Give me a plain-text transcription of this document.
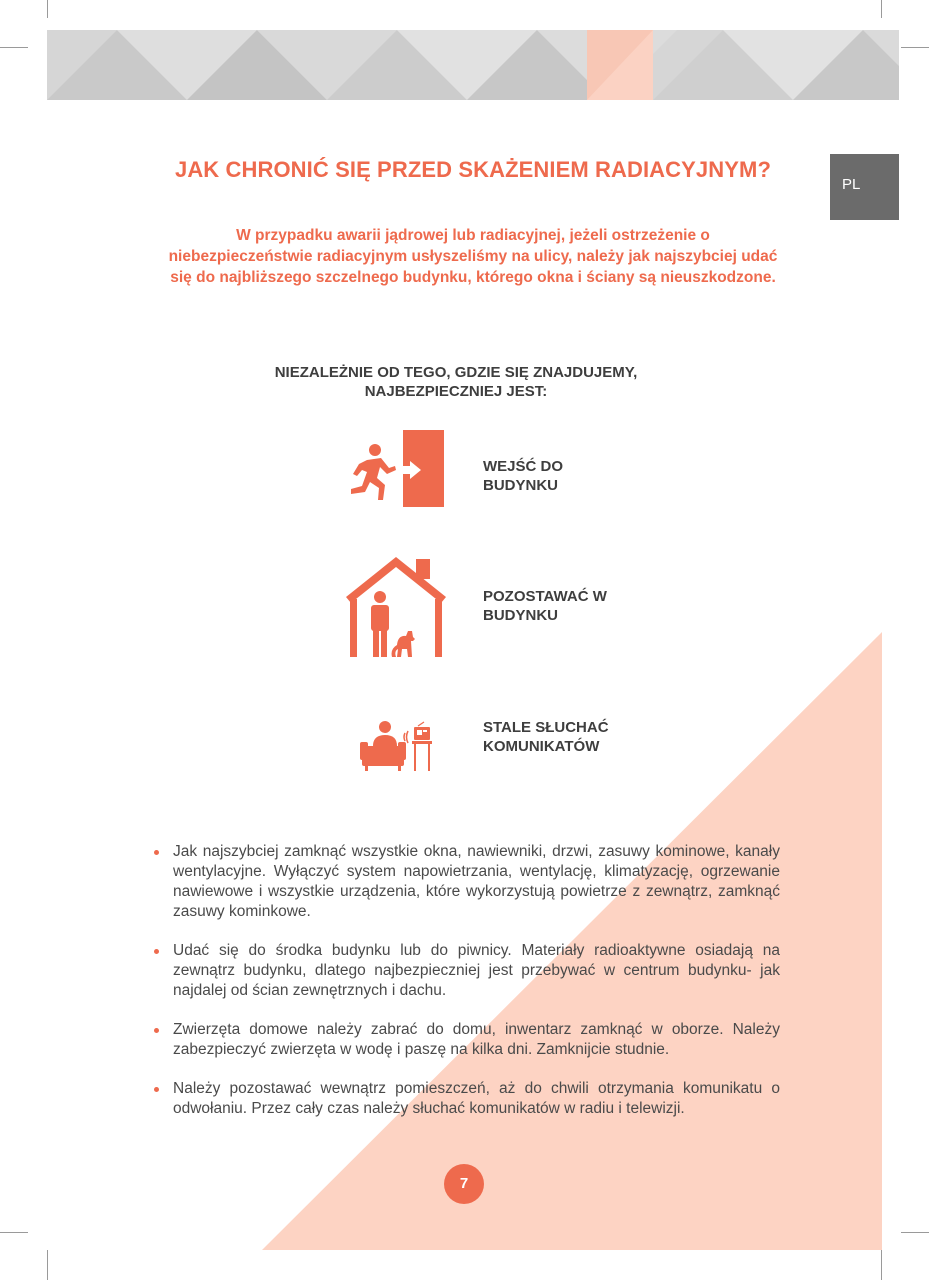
PL
JAK CHRONIĆ SIĘ PRZED SKAŻENIEM RADIACYJNYM?
W przypadku awarii jądrowej lub radiacyjnej, jeżeli ostrzeżenie o
niebezpieczeństwie radiacyjnym usłyszeliśmy na ulicy, należy jak najszybciej udać
się do najbliższego szczelnego budynku, którego okna i ściany są nieuszkodzone.
NIEZALEŻNIE OD TEGO, GDZIE SIĘ ZNAJDUJEMY,
NAJBEZPIECZNIEJ JEST:
WEJŚĆ DO
BUDYNKU
POZOSTAWAĆ W
BUDYNKU
STALE SŁUCHAĆ
KOMUNIKATÓW
Jak najszybciej zamknąć wszystkie okna, nawiewniki, drzwi, zasuwy kominowe, kanały wentylacyjne. Wyłączyć system napowietrzania, wentylację, klimatyzację, ogrzewanie nawiewowe i wszystkie urządzenia, które wykorzystują powietrze z zewnątrz, zamknąć zasuwy kominkowe.
Udać się do środka budynku lub do piwnicy. Materiały radioaktywne osiadają na zewnątrz budynku, dlatego najbezpieczniej jest przebywać w centrum budynku- jak najdalej od ścian zewnętrznych i dachu.
Zwierzęta domowe należy zabrać do domu, inwentarz zamknąć w oborze. Należy zabezpieczyć zwierzęta w wodę i paszę na kilka dni. Zamknijcie studnie.
Należy pozostawać wewnątrz pomieszczeń, aż do chwili otrzymania komunikatu o odwołaniu. Przez cały czas należy słuchać komunikatów w radiu i telewizji.
7
